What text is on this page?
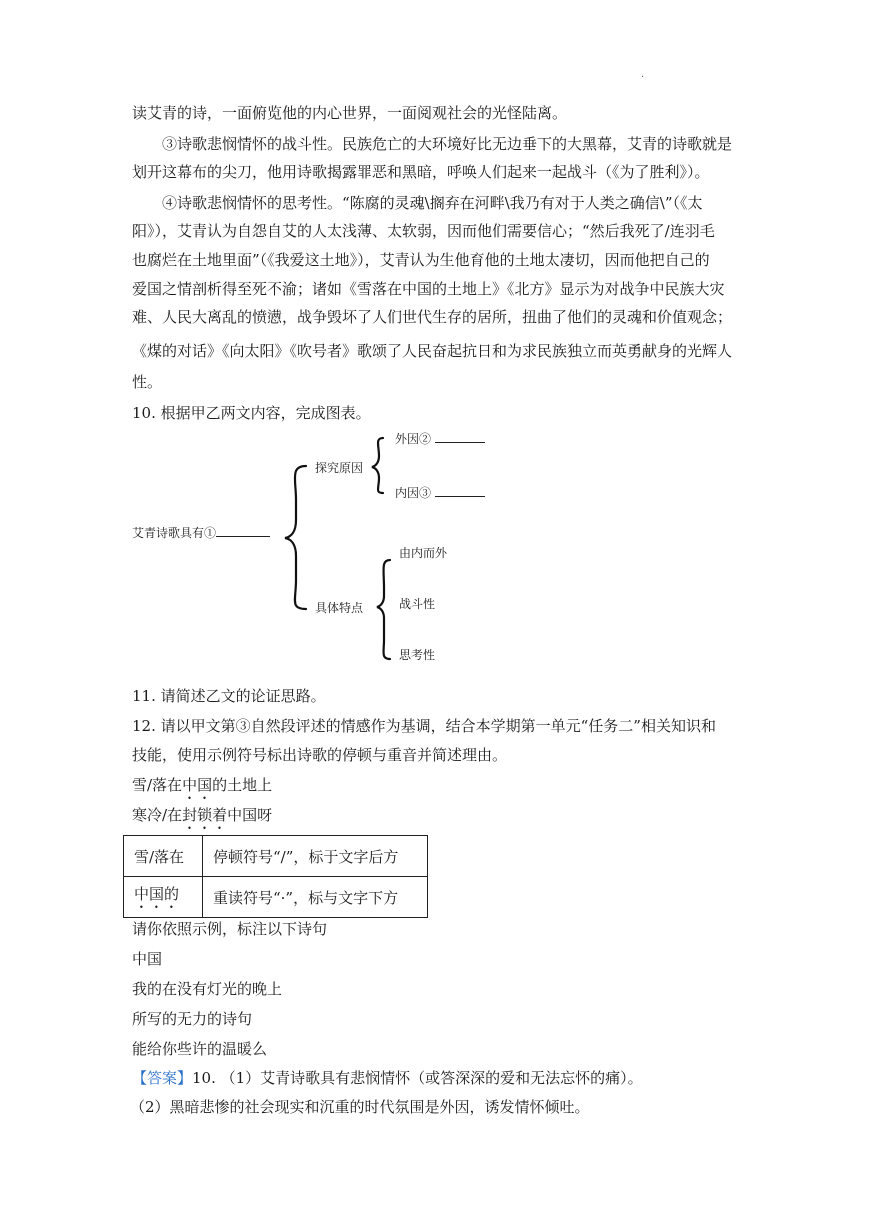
·
读艾青的诗，一面俯览他的内心世界，一面阅观社会的光怪陆离。
③诗歌悲悯情怀的战斗性。民族危亡的大环境好比无边垂下的大黑幕，艾青的诗歌就是
划开这幕布的尖刀，他用诗歌揭露罪恶和黑暗，呼唤人们起来一起战斗（《为了胜利》）。
④诗歌悲悯情怀的思考性。“陈腐的灵魂\搁弃在河畔\我乃有对于人类之确信\”（《太
阳》），艾青认为自怨自艾的人太浅薄、太软弱，因而他们需要信心；“然后我死了/连羽毛
也腐烂在土地里面”（《我爱这土地》），艾青认为生他育他的土地太凄切，因而他把自己的
爱国之情剖析得至死不渝；诸如《雪落在中国的土地上》《北方》显示为对战争中民族大灾
难、人民大离乱的愤懑，战争毁坏了人们世代生存的居所，扭曲了他们的灵魂和价值观念；
《煤的对话》《向太阳》《吹号者》歌颂了人民奋起抗日和为求民族独立而英勇献身的光辉人
性。
10. 根据甲乙两文内容，完成图表。
艾青诗歌具有①
探究原因
外因②
内因③
具体特点
由内而外
战斗性
思考性
11. 请简述乙文的论证思路。
12. 请以甲文第③自然段评述的情感作为基调，结合本学期第一单元“任务二”相关知识和
技能，使用示例符号标出诗歌的停顿与重音并简述理由。
雪/落在中国的土地上
寒冷/在封锁着中国呀
雪/落在	停顿符号“/”，标于文字后方
中国的	重读符号“·”，标与文字下方
请你依照示例，标注以下诗句
中国
我的在没有灯光的晚上
所写的无力的诗句
能给你些许的温暖么
【答案】10. （1）艾青诗歌具有悲悯情怀（或答深深的爱和无法忘怀的痛）。
（2）黑暗悲惨的社会现实和沉重的时代氛围是外因，诱发情怀倾吐。
